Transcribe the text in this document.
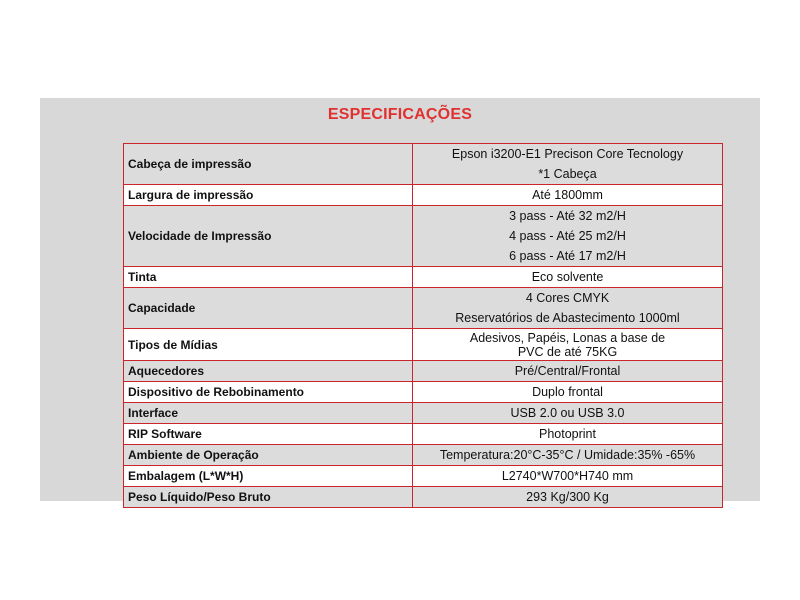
ESPECIFICAÇÕES
Cabeça de impressão	Epson i3200-E1 Precison Core Tecnology
*1 Cabeça

Largura de impressão	Até 1800mm

Velocidade de Impressão	3 pass - Até 32 m2/H
4 pass - Até 25 m2/H
6 pass - Até 17 m2/H

Tinta	Eco solvente

Capacidade	4 Cores CMYK
Reservatórios de Abastecimento 1000ml

Tipos de Mídias	Adesivos, Papéis, Lonas a base de
PVC de até 75KG

Aquecedores	Pré/Central/Frontal

Dispositivo de Rebobinamento	Duplo frontal

Interface	USB 2.0 ou USB 3.0

RIP Software	Photoprint

Ambiente de Operação	Temperatura:20°C-35°C / Umidade:35% -65%

Embalagem (L*W*H)	L2740*W700*H740 mm

Peso Líquido/Peso Bruto	293 Kg/300 Kg
